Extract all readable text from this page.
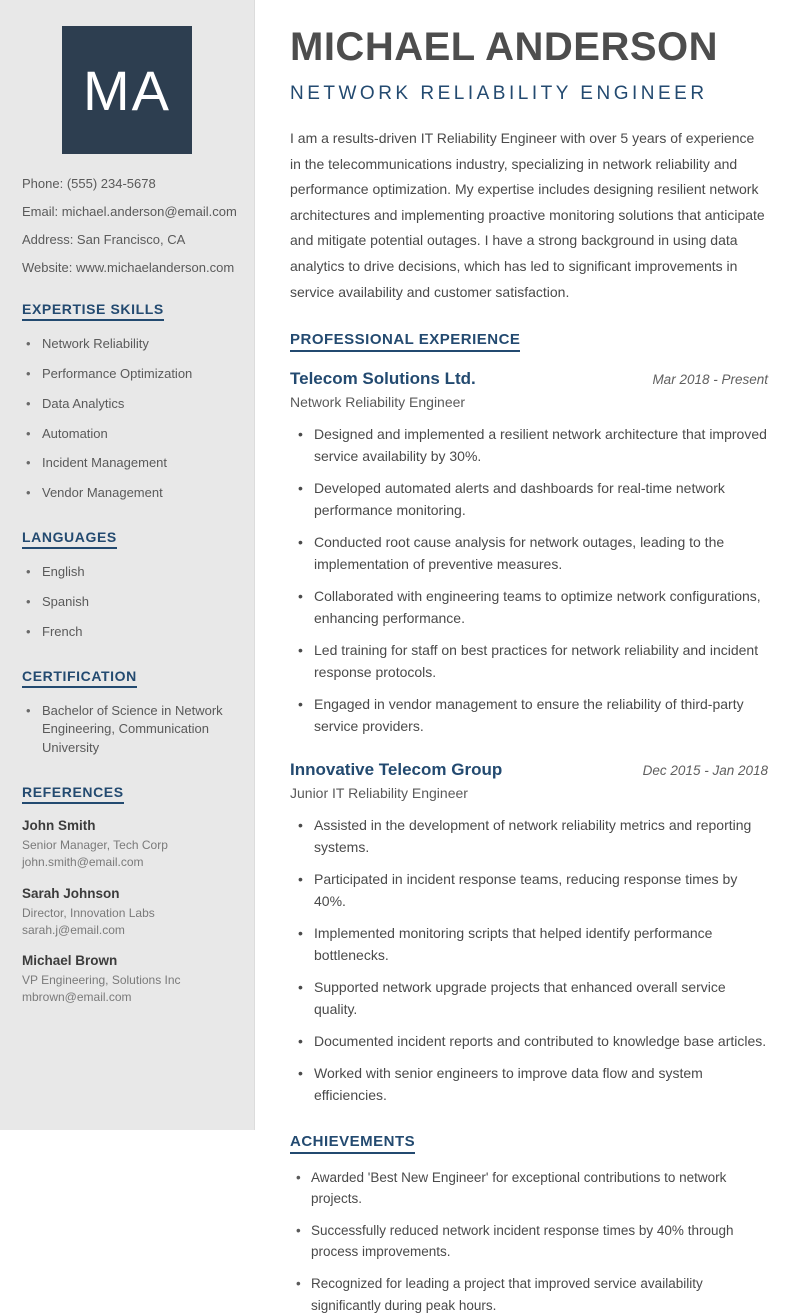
MA
Phone: (555) 234-5678
Email: michael.anderson@email.com
Address: San Francisco, CA
Website: www.michaelanderson.com
EXPERTISE SKILLS
• Network Reliability
• Performance Optimization
• Data Analytics
• Automation
• Incident Management
• Vendor Management
LANGUAGES
• English
• Spanish
• French
CERTIFICATION
• Bachelor of Science in Network Engineering, Communication University
REFERENCES
John Smith
Senior Manager, Tech Corp
john.smith@email.com
Sarah Johnson
Director, Innovation Labs
sarah.j@email.com
Michael Brown
VP Engineering, Solutions Inc
mbrown@email.com
MICHAEL ANDERSON
NETWORK RELIABILITY ENGINEER

I am a results-driven IT Reliability Engineer with over 5 years of experience in the telecommunications industry, specializing in network reliability and performance optimization. My expertise includes designing resilient network architectures and implementing proactive monitoring solutions that anticipate and mitigate potential outages. I have a strong background in using data analytics to drive decisions, which has led to significant improvements in service availability and customer satisfaction.

PROFESSIONAL EXPERIENCE
Telecom Solutions Ltd.	Mar 2018 - Present
Network Reliability Engineer
• Designed and implemented a resilient network architecture that improved service availability by 30%.
• Developed automated alerts and dashboards for real-time network performance monitoring.
• Conducted root cause analysis for network outages, leading to the implementation of preventive measures.
• Collaborated with engineering teams to optimize network configurations, enhancing performance.
• Led training for staff on best practices for network reliability and incident response protocols.
• Engaged in vendor management to ensure the reliability of third-party service providers.
Innovative Telecom Group	Dec 2015 - Jan 2018
Junior IT Reliability Engineer
• Assisted in the development of network reliability metrics and reporting systems.
• Participated in incident response teams, reducing response times by 40%.
• Implemented monitoring scripts that helped identify performance bottlenecks.
• Supported network upgrade projects that enhanced overall service quality.
• Documented incident reports and contributed to knowledge base articles.
• Worked with senior engineers to improve data flow and system efficiencies.
ACHIEVEMENTS
• Awarded 'Best New Engineer' for exceptional contributions to network projects.
• Successfully reduced network incident response times by 40% through process improvements.
• Recognized for leading a project that improved service availability significantly during peak hours.
